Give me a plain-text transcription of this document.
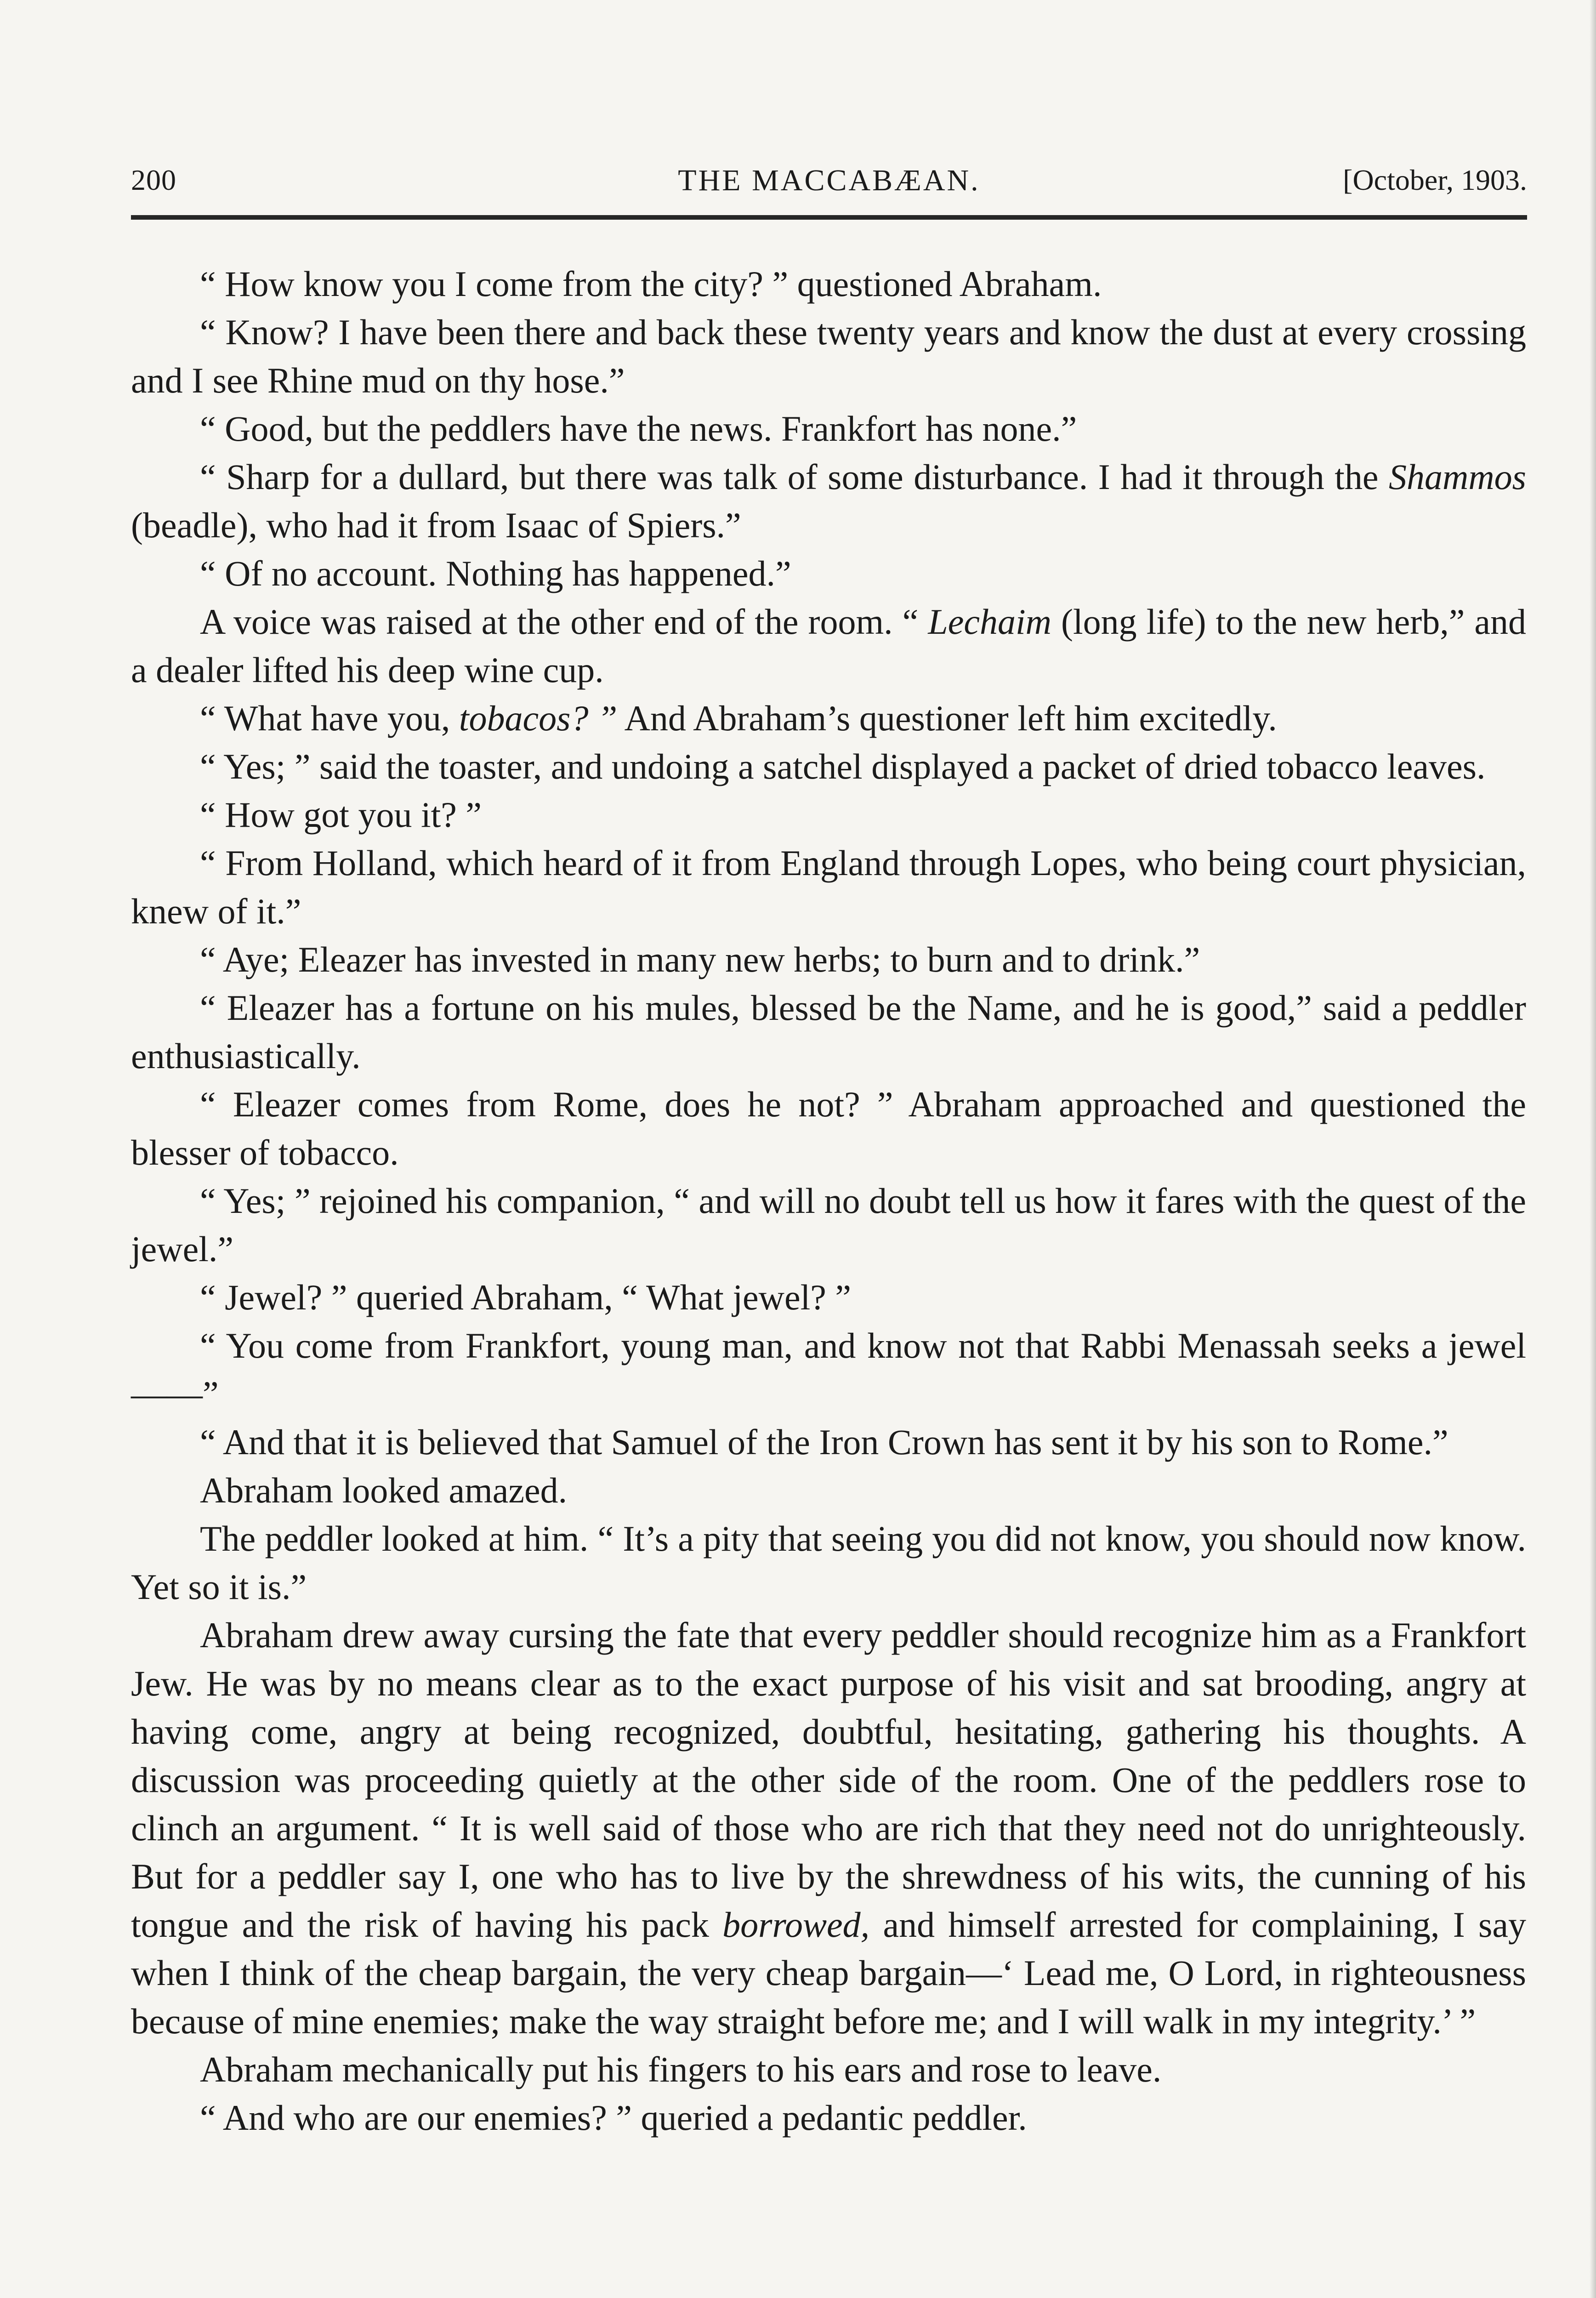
200	THE MACCABÆAN.	[October, 1903.

“ How know you I come from the city? ” questioned Abraham.

“ Know? I have been there and back these twenty years and know the dust at every crossing and I see Rhine mud on thy hose.”

“ Good, but the peddlers have the news. Frankfort has none.”

“ Sharp for a dullard, but there was talk of some disturbance. I had it through the Shammos (beadle), who had it from Isaac of Spiers.”

“ Of no account. Nothing has happened.”

A voice was raised at the other end of the room. “ Lechaim (long life) to the new herb,” and a dealer lifted his deep wine cup.

“ What have you, tobacos? ” And Abraham’s questioner left him excitedly.

“ Yes; ” said the toaster, and undoing a satchel displayed a packet of dried tobacco leaves.

“ How got you it? ”

“ From Holland, which heard of it from England through Lopes, who being court physician, knew of it.”

“ Aye; Eleazer has invested in many new herbs; to burn and to drink.”

“ Eleazer has a fortune on his mules, blessed be the Name, and he is good,” said a peddler enthusiastically.

“ Eleazer comes from Rome, does he not? ” Abraham approached and questioned the blesser of tobacco.

“ Yes; ” rejoined his companion, “ and will no doubt tell us how it fares with the quest of the jewel.”

“ Jewel? ” queried Abraham, “ What jewel? ”

“ You come from Frankfort, young man, and know not that Rabbi Menassah seeks a jewel——”

“ And that it is believed that Samuel of the Iron Crown has sent it by his son to Rome.”

Abraham looked amazed.

The peddler looked at him. “ It’s a pity that seeing you did not know, you should now know. Yet so it is.”

Abraham drew away cursing the fate that every peddler should recognize him as a Frankfort Jew. He was by no means clear as to the exact purpose of his visit and sat brooding, angry at having come, angry at being recognized, doubtful, hesitating, gathering his thoughts. A discussion was proceeding quietly at the other side of the room. One of the peddlers rose to clinch an argument. “ It is well said of those who are rich that they need not do unrighteously. But for a peddler say I, one who has to live by the shrewdness of his wits, the cunning of his tongue and the risk of having his pack borrowed, and himself arrested for complaining, I say when I think of the cheap bargain, the very cheap bargain—‘ Lead me, O Lord, in righteousness because of mine enemies; make the way straight before me; and I will walk in my integrity.’ ”

Abraham mechanically put his fingers to his ears and rose to leave.

“ And who are our enemies? ” queried a pedantic peddler.
